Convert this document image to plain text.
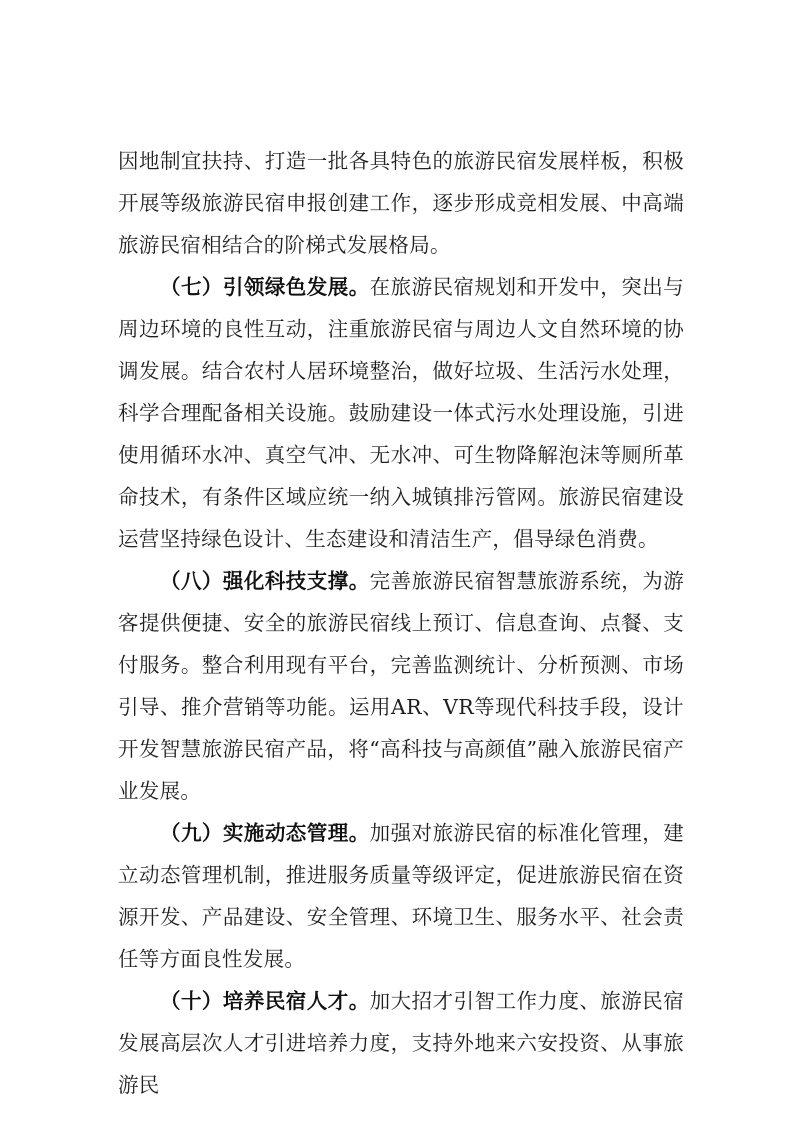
因地制宜扶持、打造一批各具特色的旅游民宿发展样板，积极开展等级旅游民宿申报创建工作，逐步形成竞相发展、中高端旅游民宿相结合的阶梯式发展格局。

（七）引领绿色发展。在旅游民宿规划和开发中，突出与周边环境的良性互动，注重旅游民宿与周边人文自然环境的协调发展。结合农村人居环境整治，做好垃圾、生活污水处理，科学合理配备相关设施。鼓励建设一体式污水处理设施，引进使用循环水冲、真空气冲、无水冲、可生物降解泡沫等厕所革命技术，有条件区域应统一纳入城镇排污管网。旅游民宿建设运营坚持绿色设计、生态建设和清洁生产，倡导绿色消费。

（八）强化科技支撑。完善旅游民宿智慧旅游系统，为游客提供便捷、安全的旅游民宿线上预订、信息查询、点餐、支付服务。整合利用现有平台，完善监测统计、分析预测、市场引导、推介营销等功能。运用AR、VR等现代科技手段，设计开发智慧旅游民宿产品，将“高科技与高颜值”融入旅游民宿产业发展。

（九）实施动态管理。加强对旅游民宿的标准化管理，建立动态管理机制，推进服务质量等级评定，促进旅游民宿在资源开发、产品建设、安全管理、环境卫生、服务水平、社会责任等方面良性发展。

（十）培养民宿人才。加大招才引智工作力度、旅游民宿发展高层次人才引进培养力度，支持外地来六安投资、从事旅游民
